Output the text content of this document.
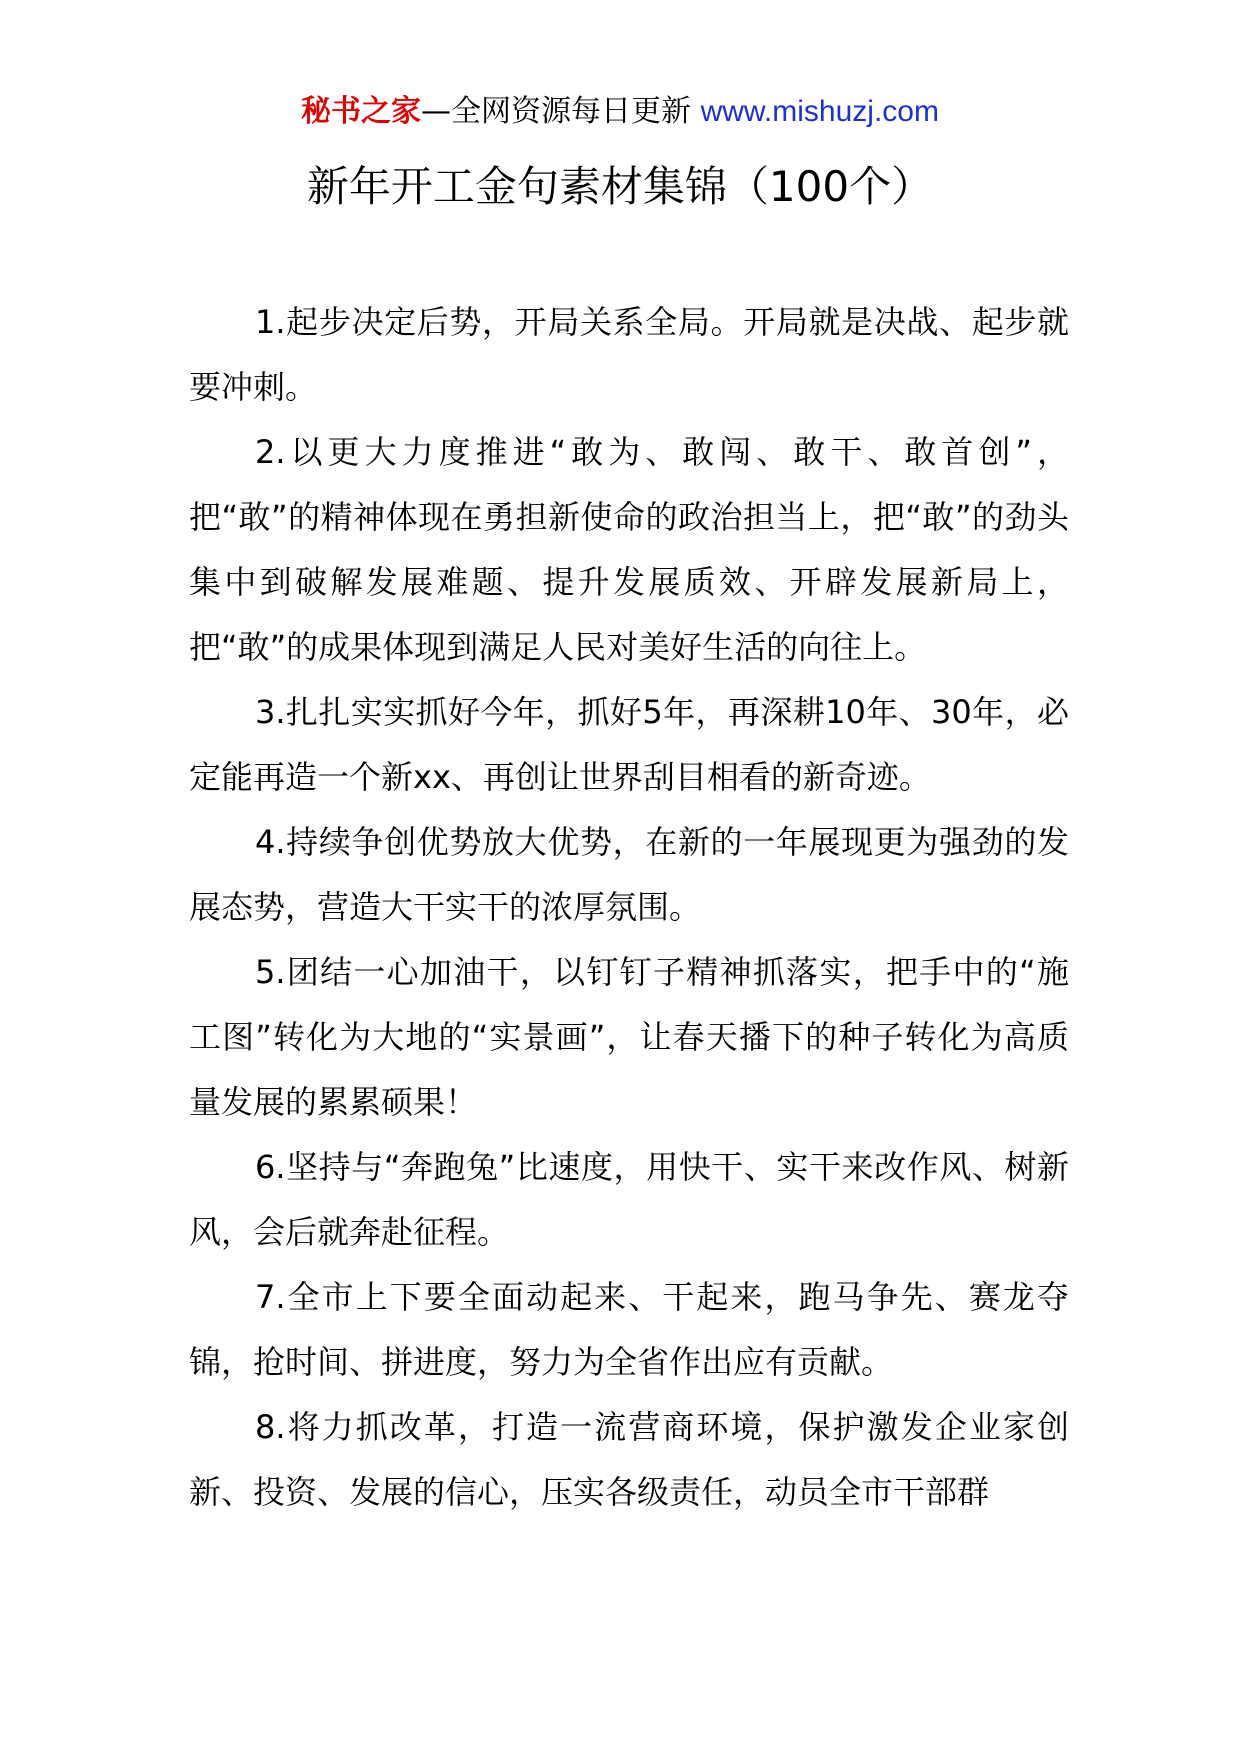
秘书之家—全网资源每日更新 www.mishuzj.com
新年开工金句素材集锦（100个）

1.起步决定后势，开局关系全局。开局就是决战、起步就要冲刺。

2.以更大力度推进“敢为、敢闯、敢干、敢首创”，把“敢”的精神体现在勇担新使命的政治担当上，把“敢”的劲头集中到破解发展难题、提升发展质效、开辟发展新局上，把“敢”的成果体现到满足人民对美好生活的向往上。

3.扎扎实实抓好今年，抓好5年，再深耕10年、30年，必定能再造一个新xx、再创让世界刮目相看的新奇迹。

4.持续争创优势放大优势，在新的一年展现更为强劲的发展态势，营造大干实干的浓厚氛围。

5.团结一心加油干，以钉钉子精神抓落实，把手中的“施工图”转化为大地的“实景画”，让春天播下的种子转化为高质量发展的累累硕果！

6.坚持与“奔跑兔”比速度，用快干、实干来改作风、树新风，会后就奔赴征程。

7.全市上下要全面动起来、干起来，跑马争先、赛龙夺锦，抢时间、拼进度，努力为全省作出应有贡献。

8.将力抓改革，打造一流营商环境，保护激发企业家创新、投资、发展的信心，压实各级责任，动员全市干部群
